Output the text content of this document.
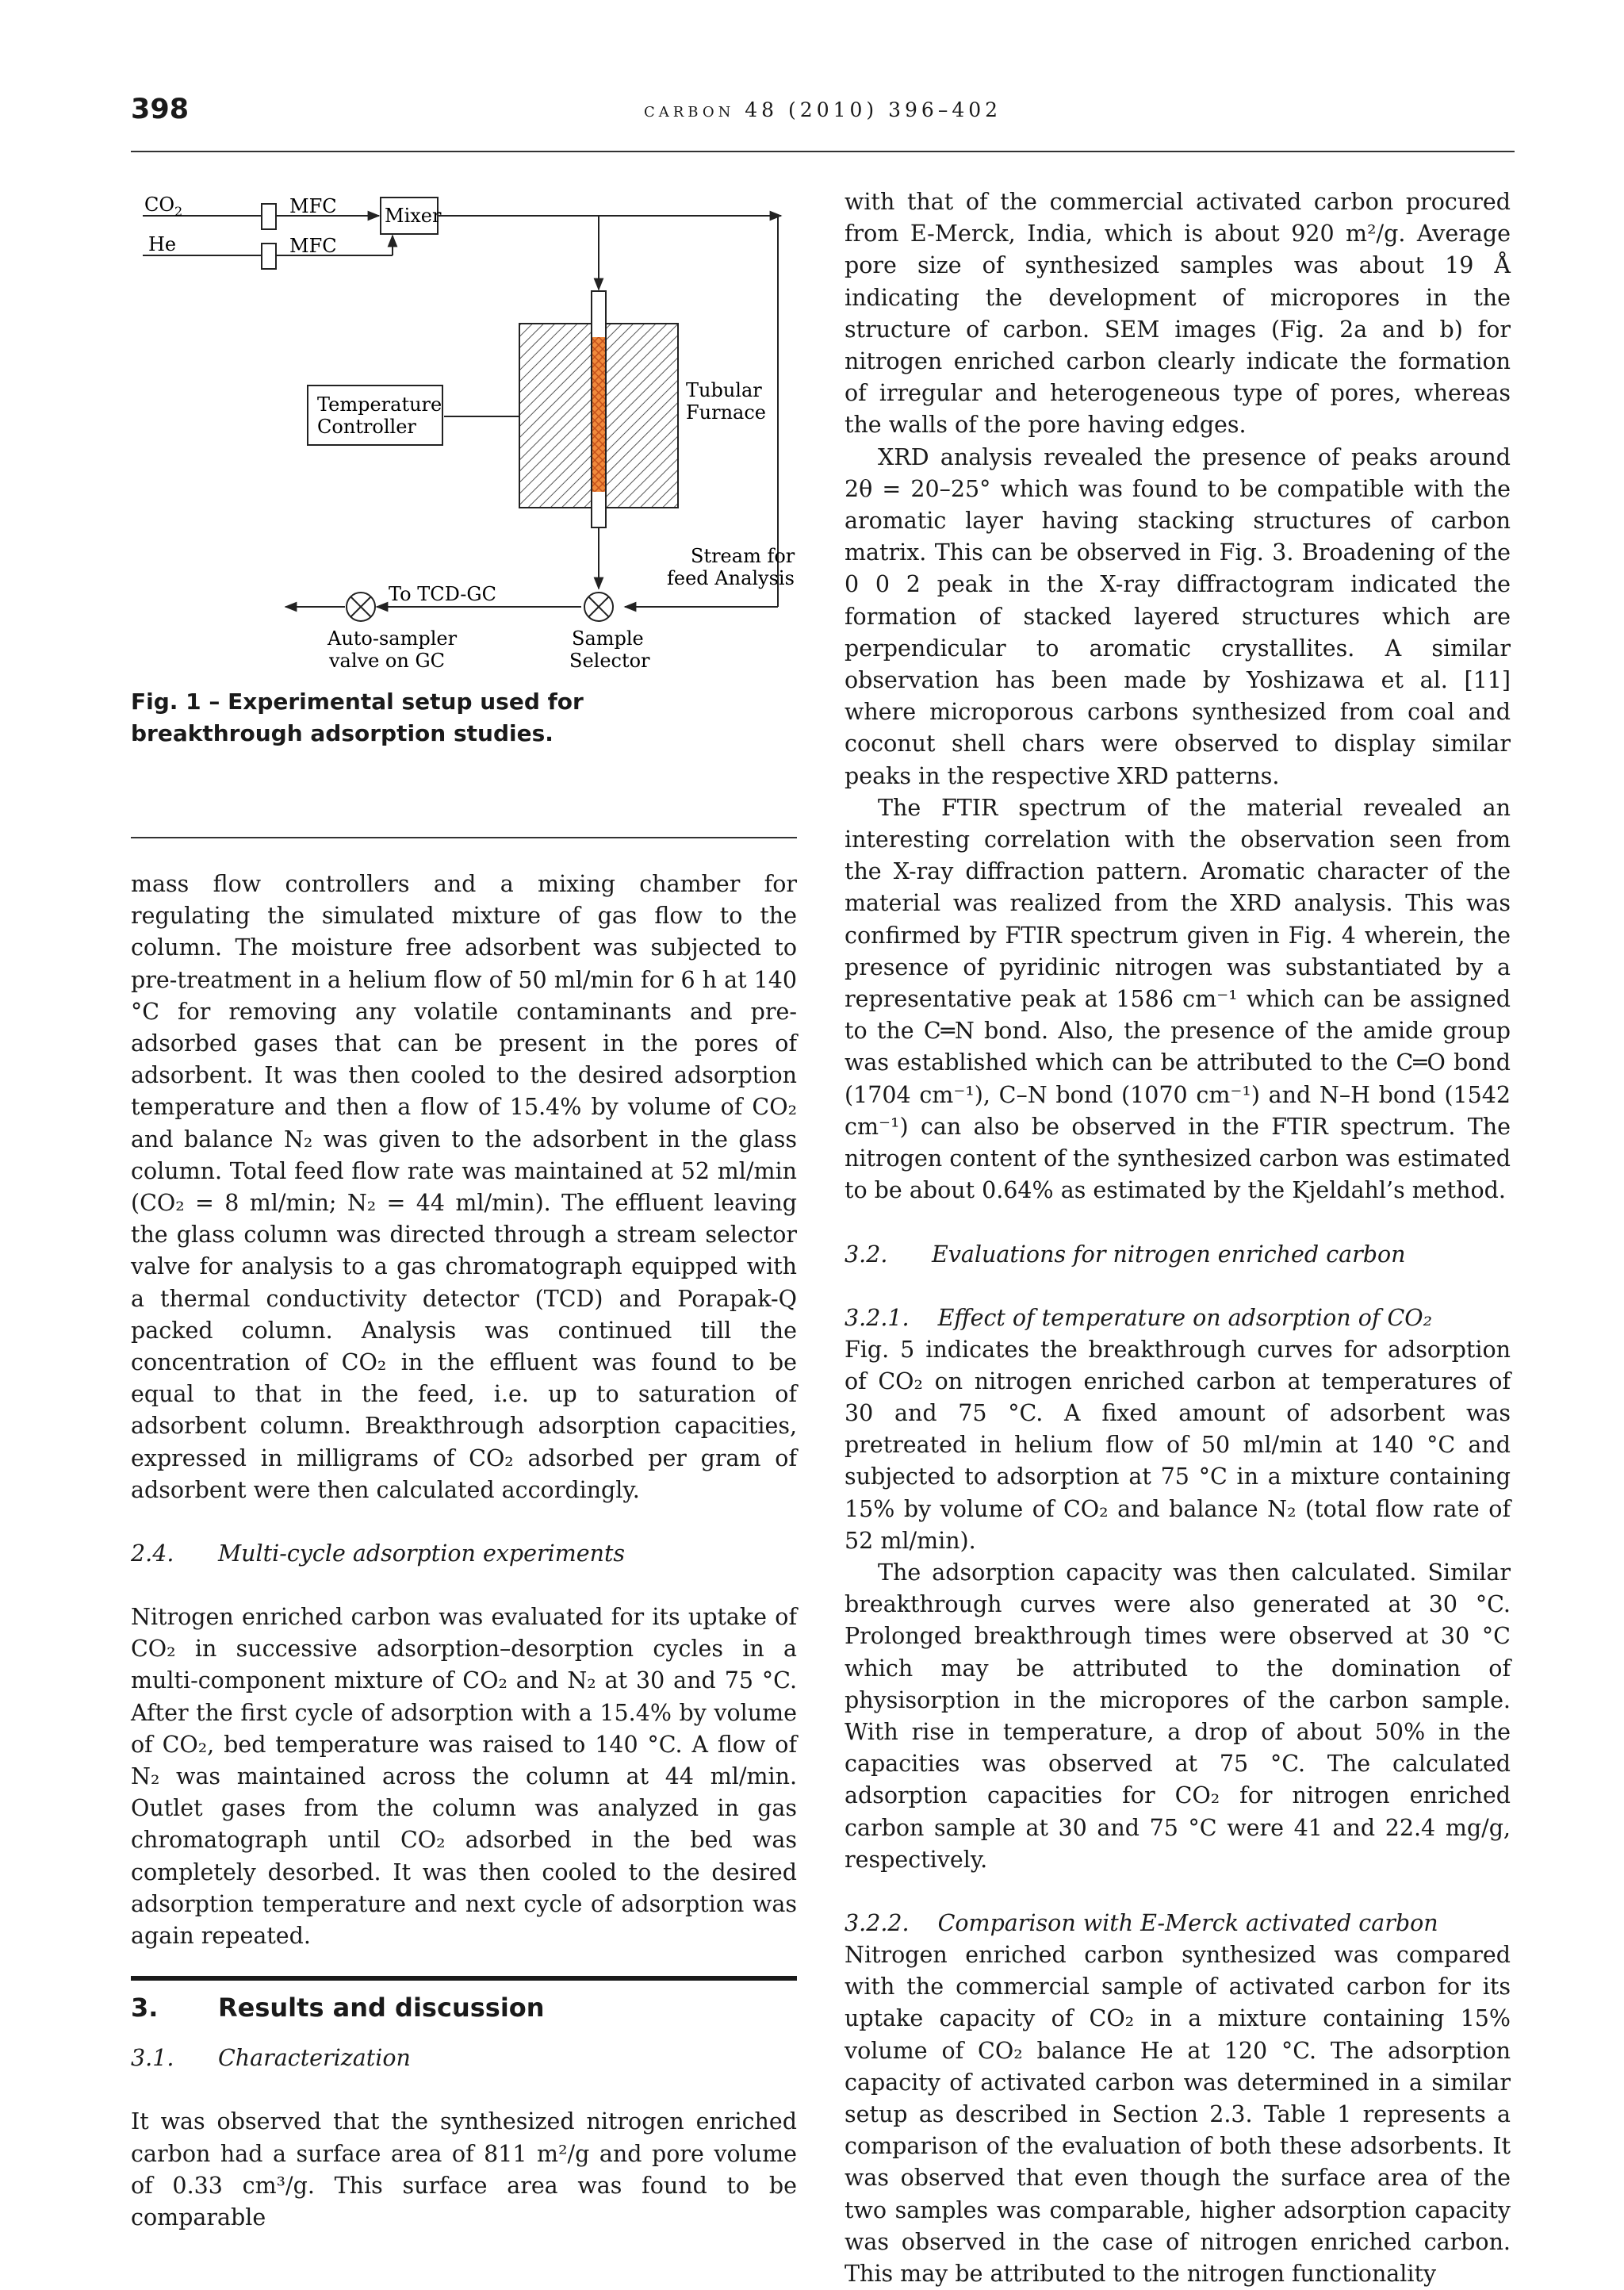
398	carbon 48 (2010) 396–402
$CO_2$
He
MFC
MFC
Mixer
Tubular
Furnace
Temperature
Controller
Stream for
feed Analysis
To TCD-GC
Auto-sampler
valve on GC
Sample
Selector
Fig. 1 – Experimental setup used for breakthrough adsorption studies.

mass flow controllers and a mixing chamber for regulating the simulated mixture of gas flow to the column. The moisture free adsorbent was subjected to pre-treatment in a helium flow of 50 ml/min for 6 h at 140 °C for removing any volatile contaminants and pre-adsorbed gases that can be present in the pores of adsorbent. It was then cooled to the desired adsorption temperature and then a flow of 15.4% by volume of CO₂ and balance N₂ was given to the adsorbent in the glass column. Total feed flow rate was maintained at 52 ml/min (CO₂ = 8 ml/min; N₂ = 44 ml/min). The effluent leaving the glass column was directed through a stream selector valve for analysis to a gas chromatograph equipped with a thermal conductivity detector (TCD) and Porapak-Q packed column. Analysis was continued till the concentration of CO₂ in the effluent was found to be equal to that in the feed, i.e. up to saturation of adsorbent column. Breakthrough adsorption capacities, expressed in milligrams of CO₂ adsorbed per gram of adsorbent were then calculated accordingly.

2.4.	Multi-cycle adsorption experiments

Nitrogen enriched carbon was evaluated for its uptake of CO₂ in successive adsorption–desorption cycles in a multi-component mixture of CO₂ and N₂ at 30 and 75 °C. After the first cycle of adsorption with a 15.4% by volume of CO₂, bed temperature was raised to 140 °C. A flow of N₂ was maintained across the column at 44 ml/min. Outlet gases from the column was analyzed in gas chromatograph until CO₂ adsorbed in the bed was completely desorbed. It was then cooled to the desired adsorption temperature and next cycle of adsorption was again repeated.

3.	Results and discussion
3.1.	Characterization

It was observed that the synthesized nitrogen enriched carbon had a surface area of 811 m²/g and pore volume of 0.33 cm³/g. This surface area was found to be comparable

with that of the commercial activated carbon procured from E-Merck, India, which is about 920 m²/g. Average pore size of synthesized samples was about 19 Å indicating the development of micropores in the structure of carbon. SEM images (Fig. 2a and b) for nitrogen enriched carbon clearly indicate the formation of irregular and heterogeneous type of pores, whereas the walls of the pore having edges.

XRD analysis revealed the presence of peaks around 2θ = 20–25° which was found to be compatible with the aromatic layer having stacking structures of carbon matrix. This can be observed in Fig. 3. Broadening of the 0 0 2 peak in the X-ray diffractogram indicated the formation of stacked layered structures which are perpendicular to aromatic crystallites. A similar observation has been made by Yoshizawa et al. [11] where microporous carbons synthesized from coal and coconut shell chars were observed to display similar peaks in the respective XRD patterns.

The FTIR spectrum of the material revealed an interesting correlation with the observation seen from the X-ray diffraction pattern. Aromatic character of the material was realized from the XRD analysis. This was confirmed by FTIR spectrum given in Fig. 4 wherein, the presence of pyridinic nitrogen was substantiated by a representative peak at 1586 cm⁻¹ which can be assigned to the C═N bond. Also, the presence of the amide group was established which can be attributed to the C═O bond (1704 cm⁻¹), C–N bond (1070 cm⁻¹) and N–H bond (1542 cm⁻¹) can also be observed in the FTIR spectrum. The nitrogen content of the synthesized carbon was estimated to be about 0.64% as estimated by the Kjeldahl’s method.

3.2.	Evaluations for nitrogen enriched carbon
3.2.1. Effect of temperature on adsorption of CO₂

Fig. 5 indicates the breakthrough curves for adsorption of CO₂ on nitrogen enriched carbon at temperatures of 30 and 75 °C. A fixed amount of adsorbent was pretreated in helium flow of 50 ml/min at 140 °C and subjected to adsorption at 75 °C in a mixture containing 15% by volume of CO₂ and balance N₂ (total flow rate of 52 ml/min).

The adsorption capacity was then calculated. Similar breakthrough curves were also generated at 30 °C. Prolonged breakthrough times were observed at 30 °C which may be attributed to the domination of physisorption in the micropores of the carbon sample. With rise in temperature, a drop of about 50% in the capacities was observed at 75 °C. The calculated adsorption capacities for CO₂ for nitrogen enriched carbon sample at 30 and 75 °C were 41 and 22.4 mg/g, respectively.

3.2.2. Comparison with E-Merck activated carbon

Nitrogen enriched carbon synthesized was compared with the commercial sample of activated carbon for its uptake capacity of CO₂ in a mixture containing 15% volume of CO₂ balance He at 120 °C. The adsorption capacity of activated carbon was determined in a similar setup as described in Section 2.3. Table 1 represents a comparison of the evaluation of both these adsorbents. It was observed that even though the surface area of the two samples was comparable, higher adsorption capacity was observed in the case of nitrogen enriched carbon. This may be attributed to the nitrogen functionality
